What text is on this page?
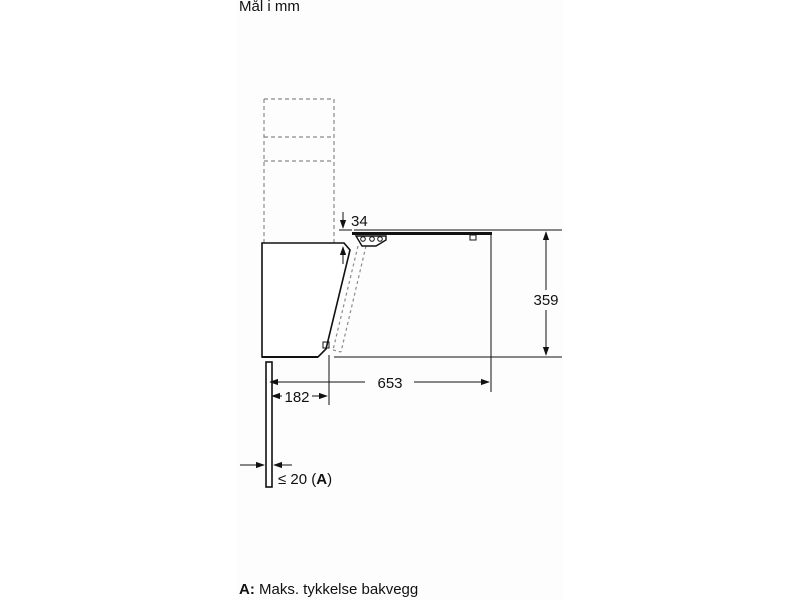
Mål i mm
34
359
653
182
≤ 20 (A)
A: Maks. tykkelse bakvegg
